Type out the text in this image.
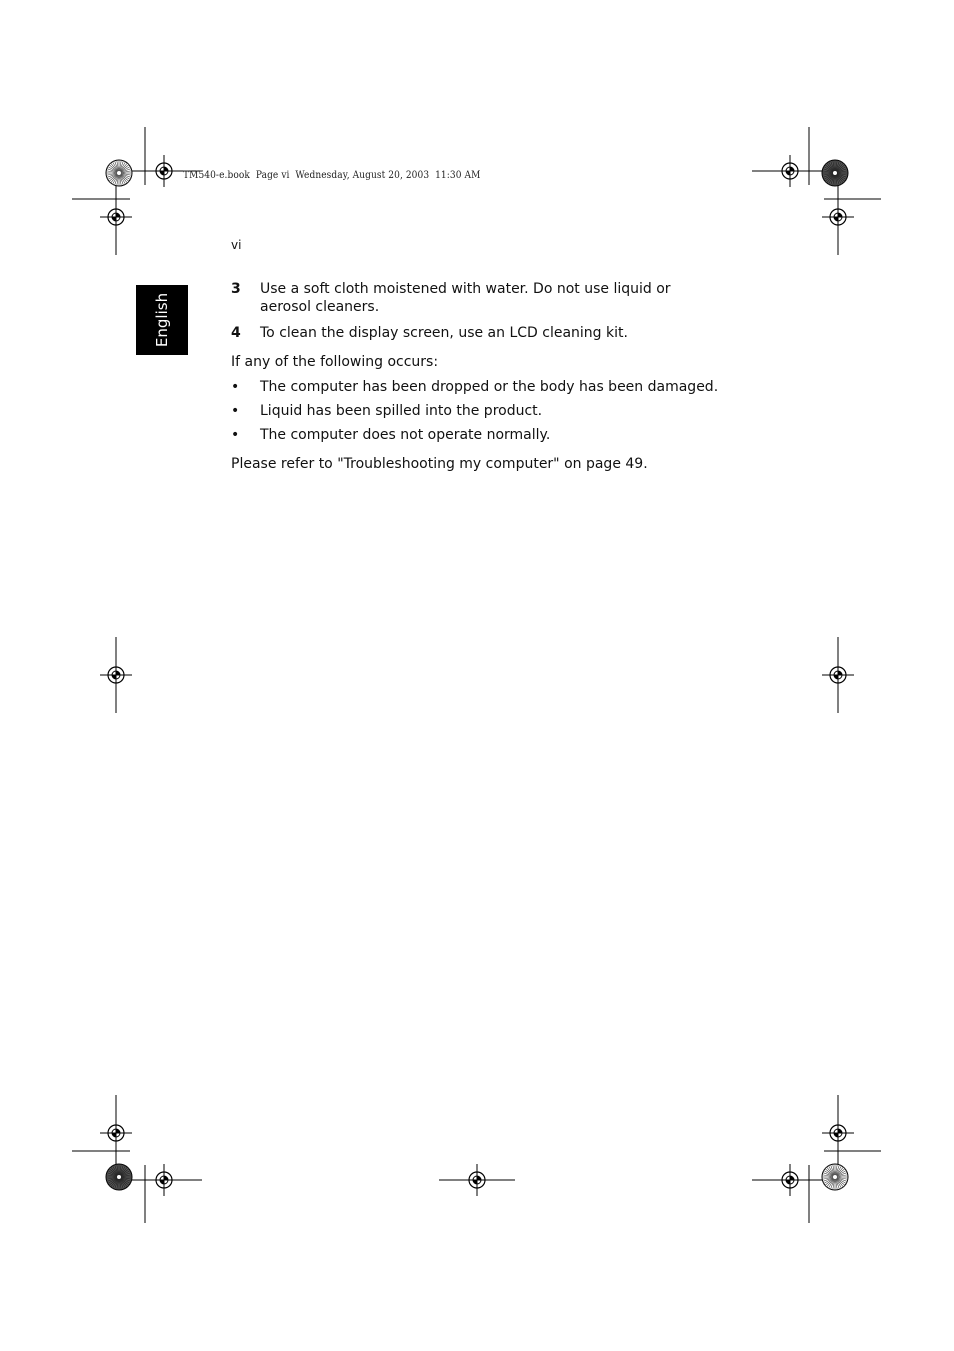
TM540-e.book  Page vi  Wednesday, August 20, 2003  11:30 AM
vi
English
3 Use a soft cloth moistened with water. Do not use liquid or aerosol cleaners.
4 To clean the display screen, use an LCD cleaning kit.
If any of the following occurs:
• The computer has been dropped or the body has been damaged.
• Liquid has been spilled into the product.
• The computer does not operate normally.
Please refer to "Troubleshooting my computer" on page 49.
